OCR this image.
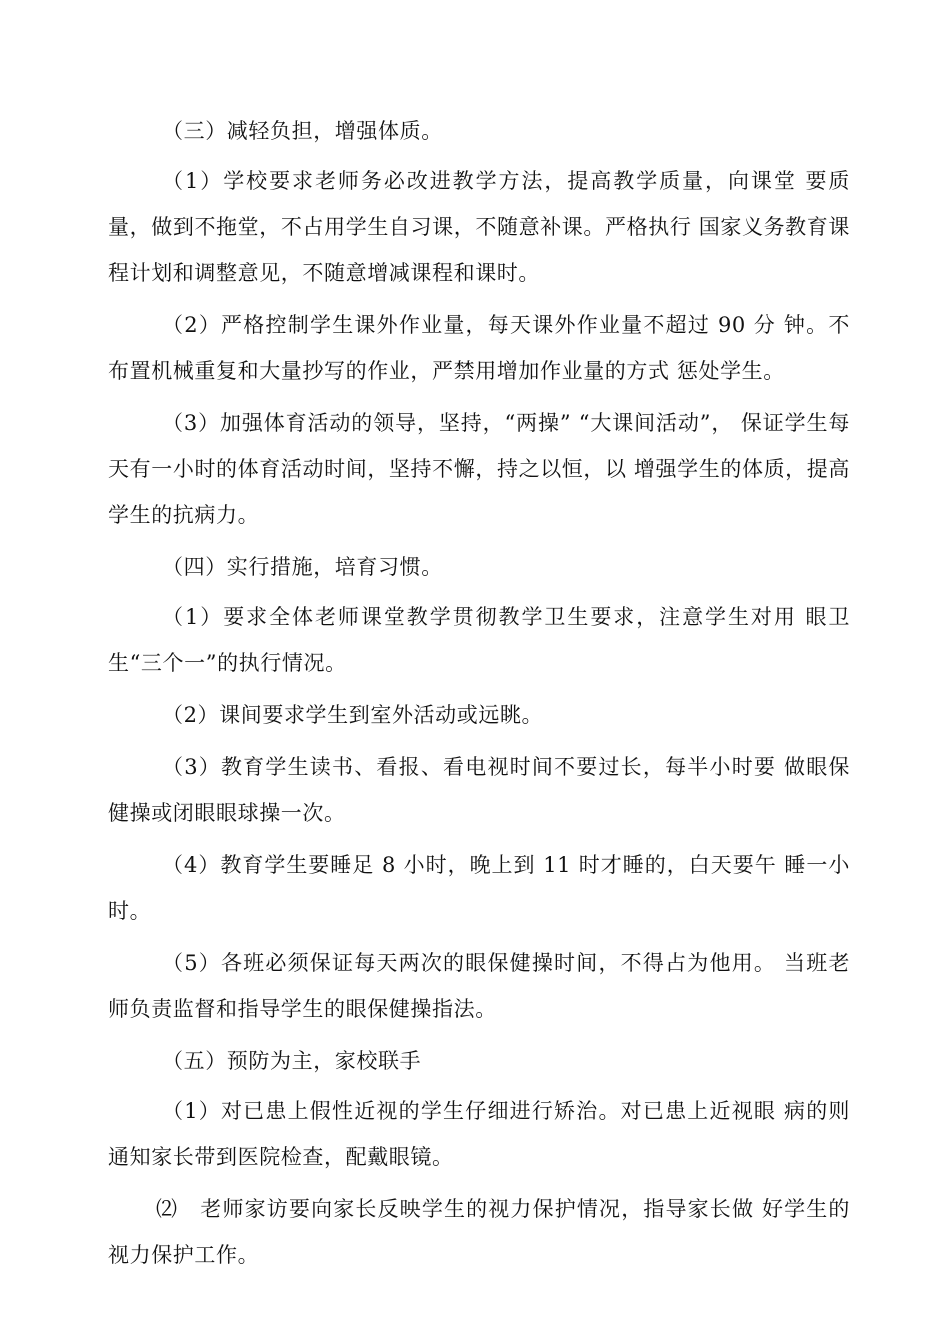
（三）减轻负担，增强体质。

（1）学校要求老师务必改进教学方法，提高教学质量，向课堂 要质量，做到不拖堂，不占用学生自习课，不随意补课。严格执行 国家义务教育课程计划和调整意见，不随意增减课程和课时。

（2）严格控制学生课外作业量，每天课外作业量不超过 90 分 钟。不布置机械重复和大量抄写的作业，严禁用增加作业量的方式 惩处学生。

（3）加强体育活动的领导，坚持，“两操” “大课间活动”， 保证学生每天有一小时的体育活动时间，坚持不懈，持之以恒，以 增强学生的体质，提高学生的抗病力。

（四）实行措施，培育习惯。

（1）要求全体老师课堂教学贯彻教学卫生要求，注意学生对用 眼卫生“三个一”的执行情况。

（2）课间要求学生到室外活动或远眺。

（3）教育学生读书、看报、看电视时间不要过长，每半小时要 做眼保健操或闭眼眼球操一次。

（4）教育学生要睡足 8 小时，晚上到 11 时才睡的，白天要午 睡一小时。

（5）各班必须保证每天两次的眼保健操时间，不得占为他用。 当班老师负责监督和指导学生的眼保健操指法。

（五）预防为主，家校联手

（1）对已患上假性近视的学生仔细进行矫治。对已患上近视眼 病的则通知家长带到医院检查，配戴眼镜。

⑵　老师家访要向家长反映学生的视力保护情况，指导家长做 好学生的视力保护工作。
